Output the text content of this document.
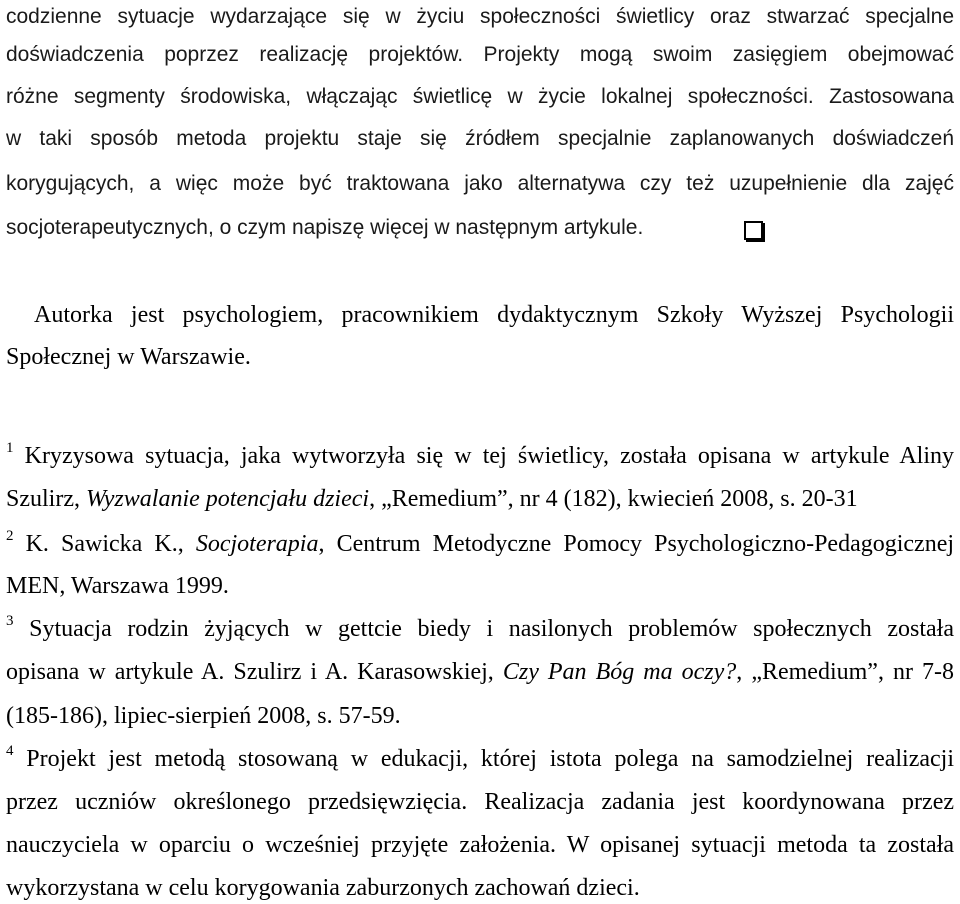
codzienne sytuacje wydarzające się w życiu społeczności świetlicy oraz stwarzać specjalne
doświadczenia poprzez realizację projektów. Projekty mogą swoim zasięgiem obejmować
różne segmenty środowiska, włączając świetlicę w życie lokalnej społeczności. Zastosowana
w taki sposób metoda projektu staje się źródłem specjalnie zaplanowanych doświadczeń
korygujących, a więc może być traktowana jako alternatywa czy też uzupełnienie dla zajęć
socjoterapeutycznych, o czym napiszę więcej w następnym artykule.
Autorka jest psychologiem, pracownikiem dydaktycznym Szkoły Wyższej Psychologii
Społecznej w Warszawie.
$^1$ Kryzysowa sytuacja, jaka wytworzyła się w tej świetlicy, została opisana w artykule Aliny
Szulirz, Wyzwalanie potencjału dzieci, „Remedium”, nr 4 (182), kwiecień 2008, s. 20-31
$^2$ K. Sawicka K., Socjoterapia, Centrum Metodyczne Pomocy Psychologiczno-Pedagogicznej
MEN, Warszawa 1999.
$^3$ Sytuacja rodzin żyjących w gettcie biedy i nasilonych problemów społecznych została
opisana w artykule A. Szulirz i A. Karasowskiej, Czy Pan Bóg ma oczy?, „Remedium”, nr 7-8
(185-186), lipiec-sierpień 2008, s. 57-59.
$^4$ Projekt jest metodą stosowaną w edukacji, której istota polega na samodzielnej realizacji
przez uczniów określonego przedsięwzięcia. Realizacja zadania jest koordynowana przez
nauczyciela w oparciu o wcześniej przyjęte założenia. W opisanej sytuacji metoda ta została
wykorzystana w celu korygowania zaburzonych zachowań dzieci.
